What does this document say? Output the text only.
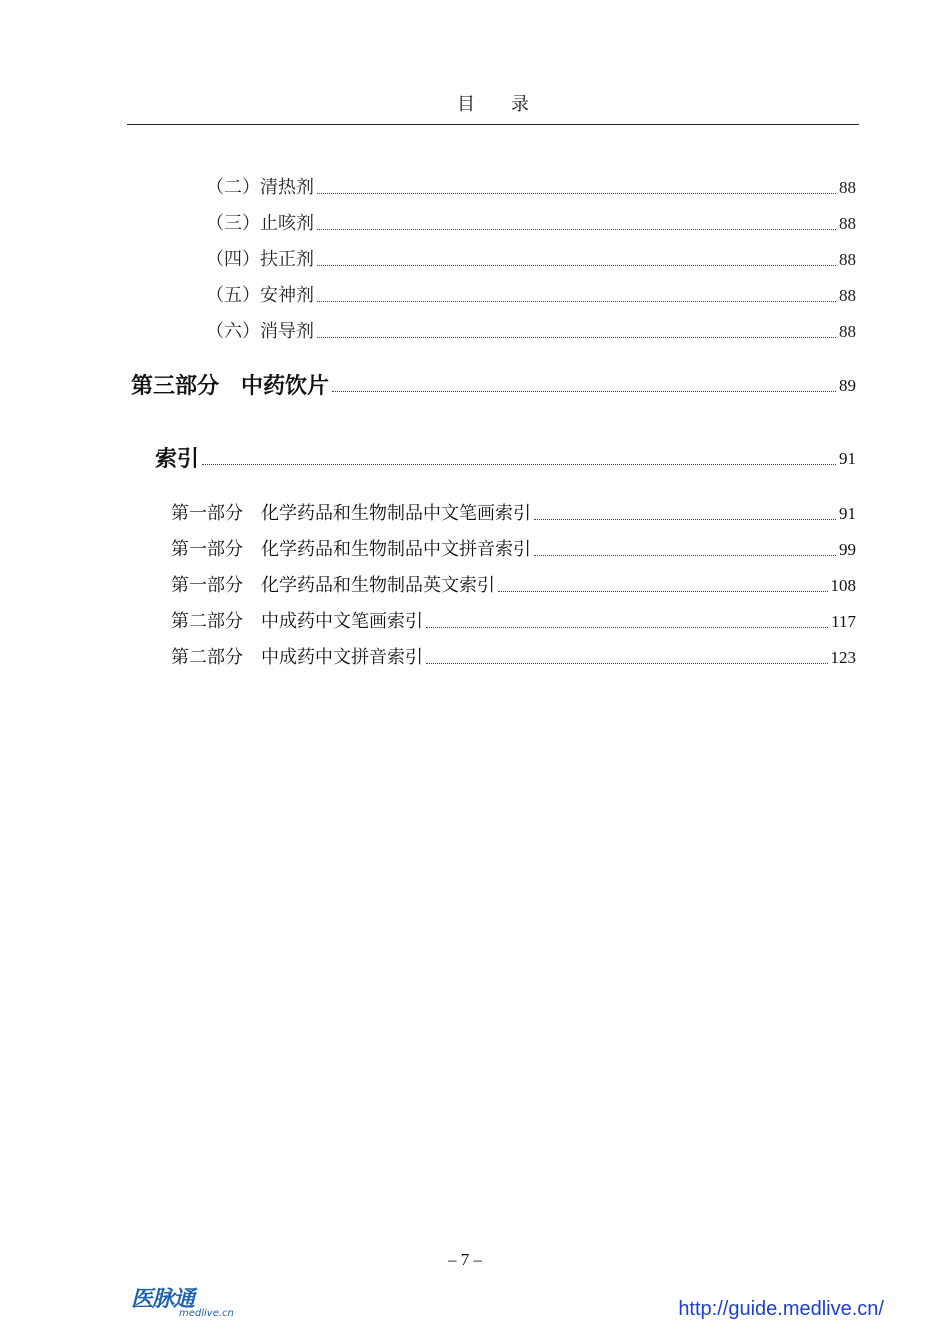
目　　录
（二）清热剂	88
（三）止咳剂	88
（四）扶正剂	88
（五）安神剂	88
（六）消导剂	88
第三部分　中药饮片	89
索引	91
第一部分　化学药品和生物制品中文笔画索引	91
第一部分　化学药品和生物制品中文拼音索引	99
第一部分　化学药品和生物制品英文索引	108
第二部分　中成药中文笔画索引	117
第二部分　中成药中文拼音索引	123
– 7 –
医脉通
medlive.cn	http://guide.medlive.cn/
